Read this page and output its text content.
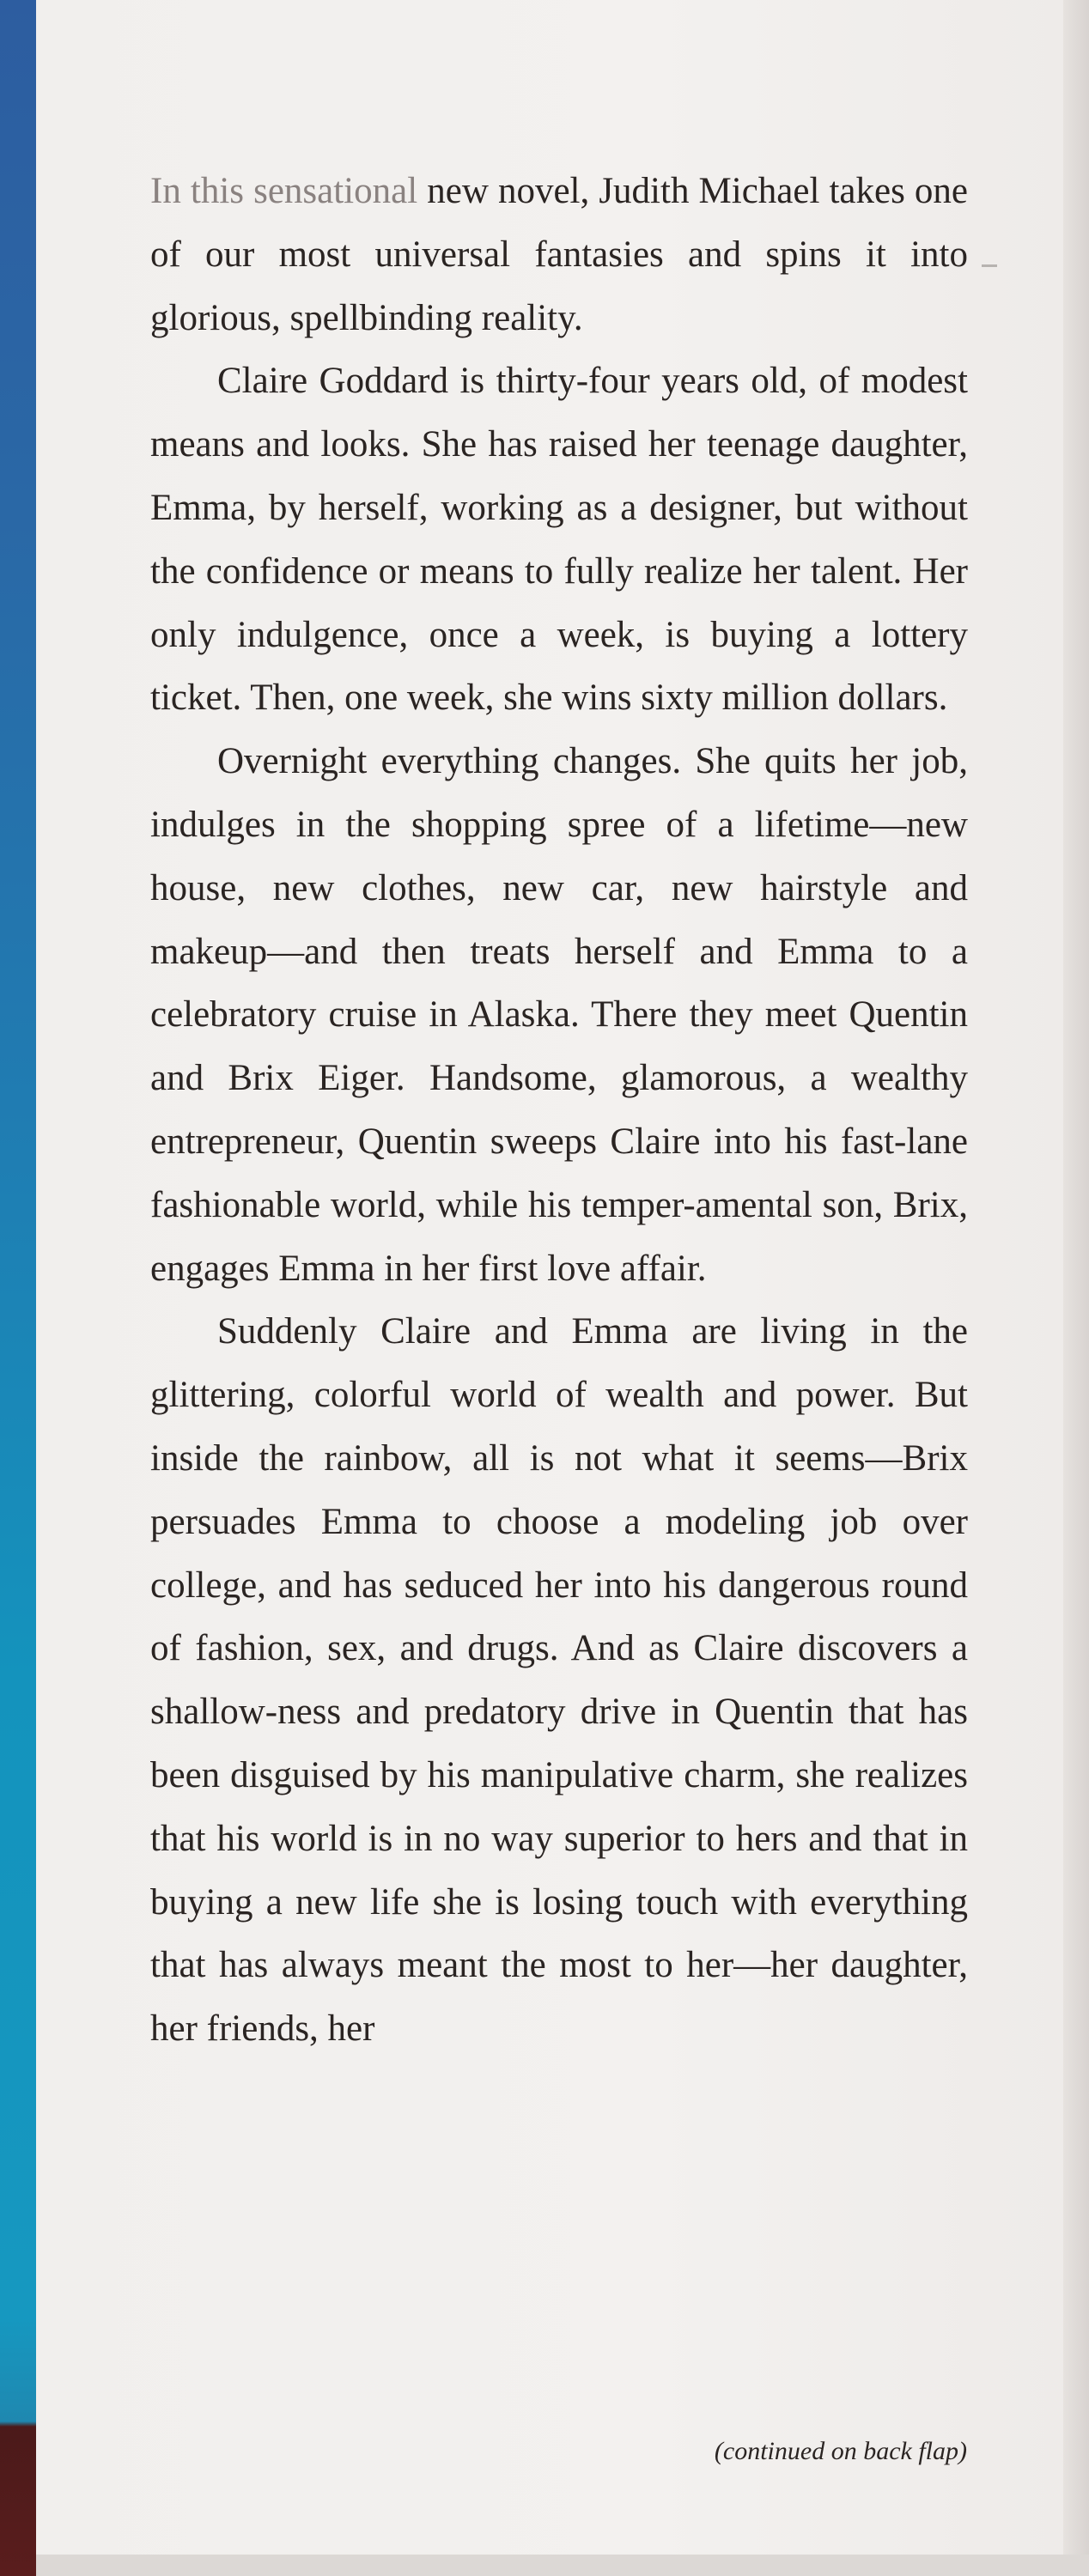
In this sensational new novel, Judith Michael takes one of our most universal fantasies and spins it into glorious, spellbinding reality.

Claire Goddard is thirty-four years old, of modest means and looks. She has raised her teenage daughter, Emma, by herself, working as a designer, but without the confidence or means to fully realize her talent. Her only indulgence, once a week, is buying a lottery ticket. Then, one week, she wins sixty million dollars.

Overnight everything changes. She quits her job, indulges in the shopping spree of a lifetime—new house, new clothes, new car, new hairstyle and makeup—and then treats herself and Emma to a celebratory cruise in Alaska. There they meet Quentin and Brix Eiger. Handsome, glamorous, a wealthy entrepreneur, Quentin sweeps Claire into his fast-lane fashionable world, while his temper-amental son, Brix, engages Emma in her first love affair.

Suddenly Claire and Emma are living in the glittering, colorful world of wealth and power. But inside the rainbow, all is not what it seems—Brix persuades Emma to choose a modeling job over college, and has seduced her into his dangerous round of fashion, sex, and drugs. And as Claire discovers a shallow-ness and predatory drive in Quentin that has been disguised by his manipulative charm, she realizes that his world is in no way superior to hers and that in buying a new life she is losing touch with everything that has always meant the most to her—her daughter, her friends, her

(continued on back flap)
